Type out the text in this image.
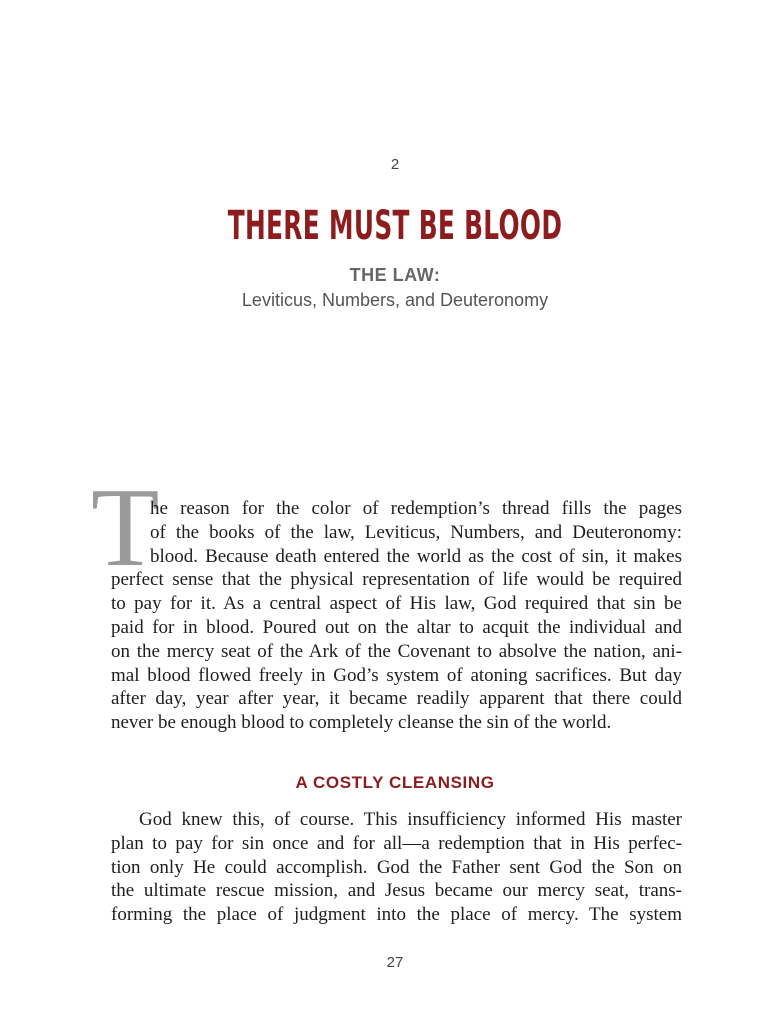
2
THERE MUST BE BLOOD
THE LAW:
Leviticus, Numbers, and Deuteronomy
T
he reason for the color of redemption’s thread fills the pages
of the books of the law, Leviticus, Numbers, and Deuteronomy:
blood. Because death entered the world as the cost of sin, it makes
perfect sense that the physical representation of life would be required
to pay for it. As a central aspect of His law, God required that sin be
paid for in blood. Poured out on the altar to acquit the individual and
on the mercy seat of the Ark of the Covenant to absolve the nation, ani-
mal blood flowed freely in God’s system of atoning sacrifices. But day
after day, year after year, it became readily apparent that there could
never be enough blood to completely cleanse the sin of the world.
A COSTLY CLEANSING
God knew this, of course. This insufficiency informed His master
plan to pay for sin once and for all—a redemption that in His perfec-
tion only He could accomplish. God the Father sent God the Son on
the ultimate rescue mission, and Jesus became our mercy seat, trans-
forming the place of judgment into the place of mercy. The system
27
